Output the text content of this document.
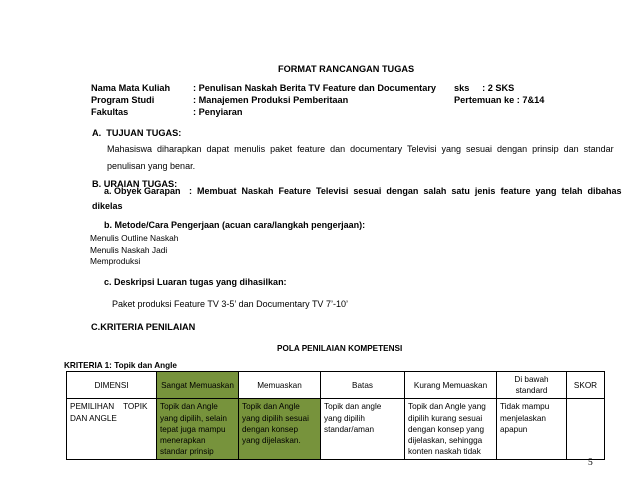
FORMAT RANCANGAN TUGAS
Nama Mata Kuliah : Penulisan Naskah Berita TV Feature dan Documentary sks     : 2 SKS
Program Studi	: Manajemen Produksi Pemberitaan	Pertemuan ke : 7&14
Fakultas	: Penyiaran
A.  TUJUAN TUGAS:
Mahasiswa  diharapkan  dapat  menulis  paket  feature  dan  documentary  Televisi  yang  sesuai  dengan  prinsip  dan  standar
penulisan yang benar.
B. URAIAN TUGAS:
a. Obyek Garapan :  Membuat  Naskah  Feature  Televisi  sesuai  dengan  salah  satu  jenis  feature  yang  telah  dibahas
dikelas
b. Metode/Cara Pengerjaan (acuan cara/langkah pengerjaan):
Menulis Outline Naskah
Menulis Naskah Jadi
Memproduksi
c. Deskripsi Luaran tugas yang dihasilkan:
Paket produksi Feature TV 3-5’ dan Documentary TV 7’-10’
C.KRITERIA PENILAIAN
POLA PENILAIAN KOMPETENSI
KRITERIA 1: Topik dan Angle
DIMENSI	Sangat Memuaskan	Memuaskan	Batas	Kurang Memuaskan	Di bawah standard	SKOR
PEMILIHAN    TOPIK DAN ANGLE	Topik dan Angle yang dipilih, selain tepat juga mampu menerapkan standar prinsip	Topik dan Angle yang dipilih sesuai dengan konsep yang dijelaskan.	Topik dan angle yang dipilih standar/aman	Topik dan Angle yang dipilih kurang sesuai dengan konsep yang dijelaskan, sehingga konten naskah tidak	Tidak mampu menjelaskan apapun	
5
